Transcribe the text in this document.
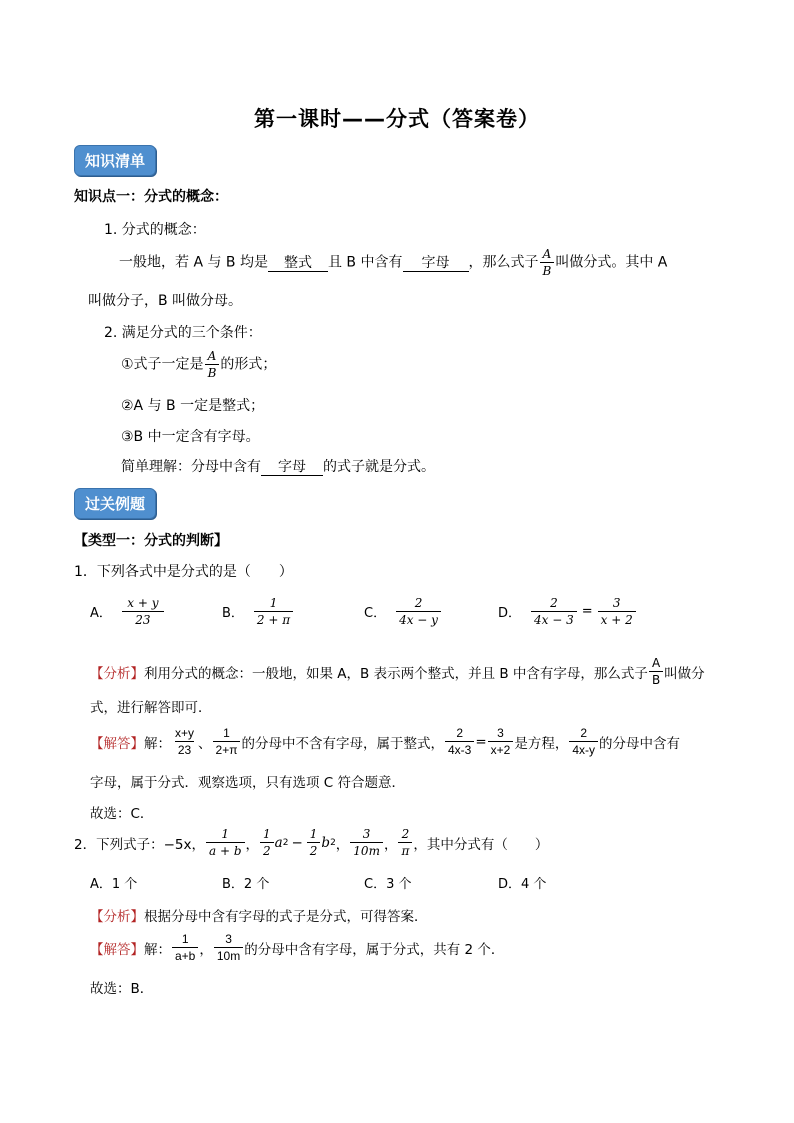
第一课时——分式（答案卷）
知识清单
知识点一：分式的概念：
1. 分式的概念：
一般地，若 A 与 B 均是 整式 且 B 中含有 字母 ，那么式子 $\frac{A}{B}$ 叫做分式。其中 A
叫做分子，B 叫做分母。
2. 满足分式的三个条件：
①式子一定是 $\frac{A}{B}$ 的形式；
②A 与 B 一定是整式；
③B 中一定含有字母。
简单理解：分母中含有 字母 的式子就是分式。
过关例题
【类型一：分式的判断】
1．下列各式中是分式的是（　　）
A． $\frac{x + y}{23}$	B． $\frac{1}{2 + \pi}$	C． $\frac{2}{4x - y}$	D． $\frac{2}{4x - 3} = \frac{3}{x + 2}$
【分析】 利用分式的概念：一般地，如果 A，B 表示两个整式，并且 B 中含有字母，那么式子 $\frac{A}{B}$ 叫做分
式，进行解答即可．
【解答】 解： $\frac{x+y}{23}$ 、 $\frac{1}{2+\pi}$ 的分母中不含有字母，属于整式， $\frac{2}{4x-3} = \frac{3}{x+2}$ 是方程， $\frac{2}{4x-y}$ 的分母中含有
字母，属于分式．观察选项，只有选项 C 符合题意．
故选：C．
2．下列式子：−5x， $\frac{1}{a + b}$ ， $\frac{1}{2}$ a $2 - \frac{1}{2}$ b 2 ， $\frac{3}{10m}$ ， $\frac{2}{\pi}$ ，其中分式有（　　）
A．1 个	B．2 个	C．3 个	D．4 个
【分析】根据分母中含有字母的式子是分式，可得答案．
【解答】 解： $\frac{1}{a+b}$ ， $\frac{3}{10m}$ 的分母中含有字母，属于分式，共有 2 个．
故选：B．
